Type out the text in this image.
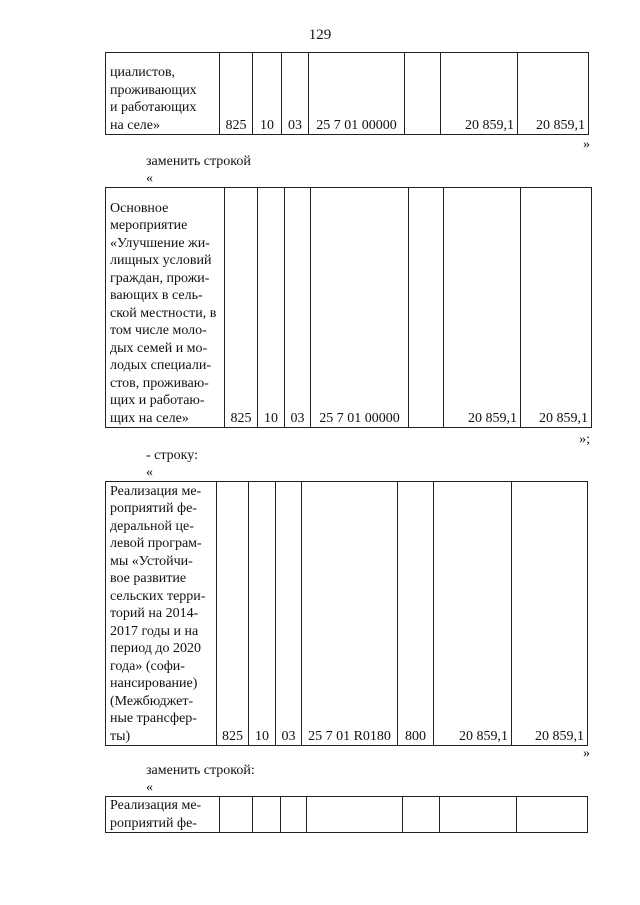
129
циалистов,
проживающих
и работающих
на селе»	825	10	03	25 7 01 00000		20 859,1	20 859,1
»
заменить строкой
«
Основное
мероприятие
«Улучшение жи-
лищных условий
граждан, прожи-
вающих в сель-
ской местности, в
том числе моло-
дых семей и мо-
лодых специали-
стов, проживаю-
щих и работаю-
щих на селе»	825	10	03	25 7 01 00000		20 859,1	20 859,1
»;
- строку:
«
Реализация ме-
роприятий фе-
деральной це-
левой програм-
мы «Устойчи-
вое развитие
сельских терри-
торий на 2014-
2017 годы и на
период до 2020
года» (софи-
нансирование)
(Межбюджет-
ные трансфер-
ты)	825	10	03	25 7 01 R0180	800	20 859,1	20 859,1
»
заменить строкой:
«
Реализация ме-
роприятий фе-							
